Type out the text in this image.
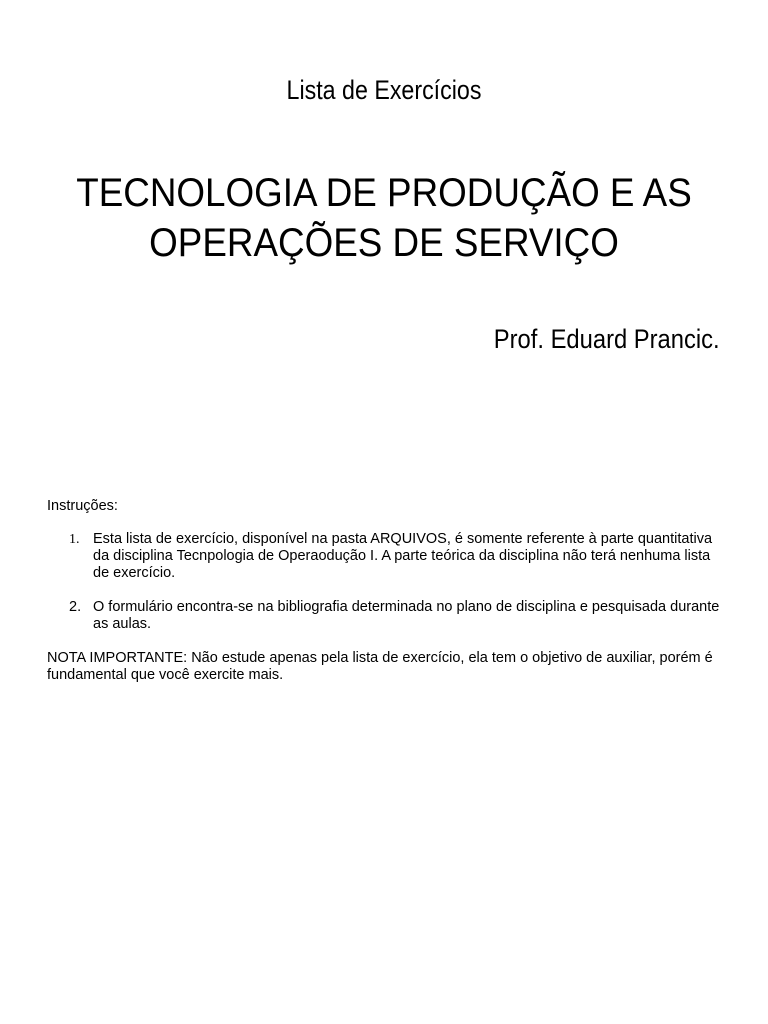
Lista de Exercícios
TECNOLOGIA DE PRODUÇÃO E AS
OPERAÇÕES DE SERVIÇO
Prof. Eduard Prancic.
Instruções:
1. Esta lista de exercício, disponível na pasta ARQUIVOS, é somente referente à parte quantitativa da disciplina Tecnpologia de Operaodução I. A parte teórica da disciplina não terá nenhuma lista de exercício.
2. O formulário encontra-se na bibliografia determinada no plano de disciplina e pesquisada durante as aulas.
NOTA IMPORTANTE: Não estude apenas pela lista de exercício, ela tem o objetivo de auxiliar, porém é fundamental que você exercite mais.
